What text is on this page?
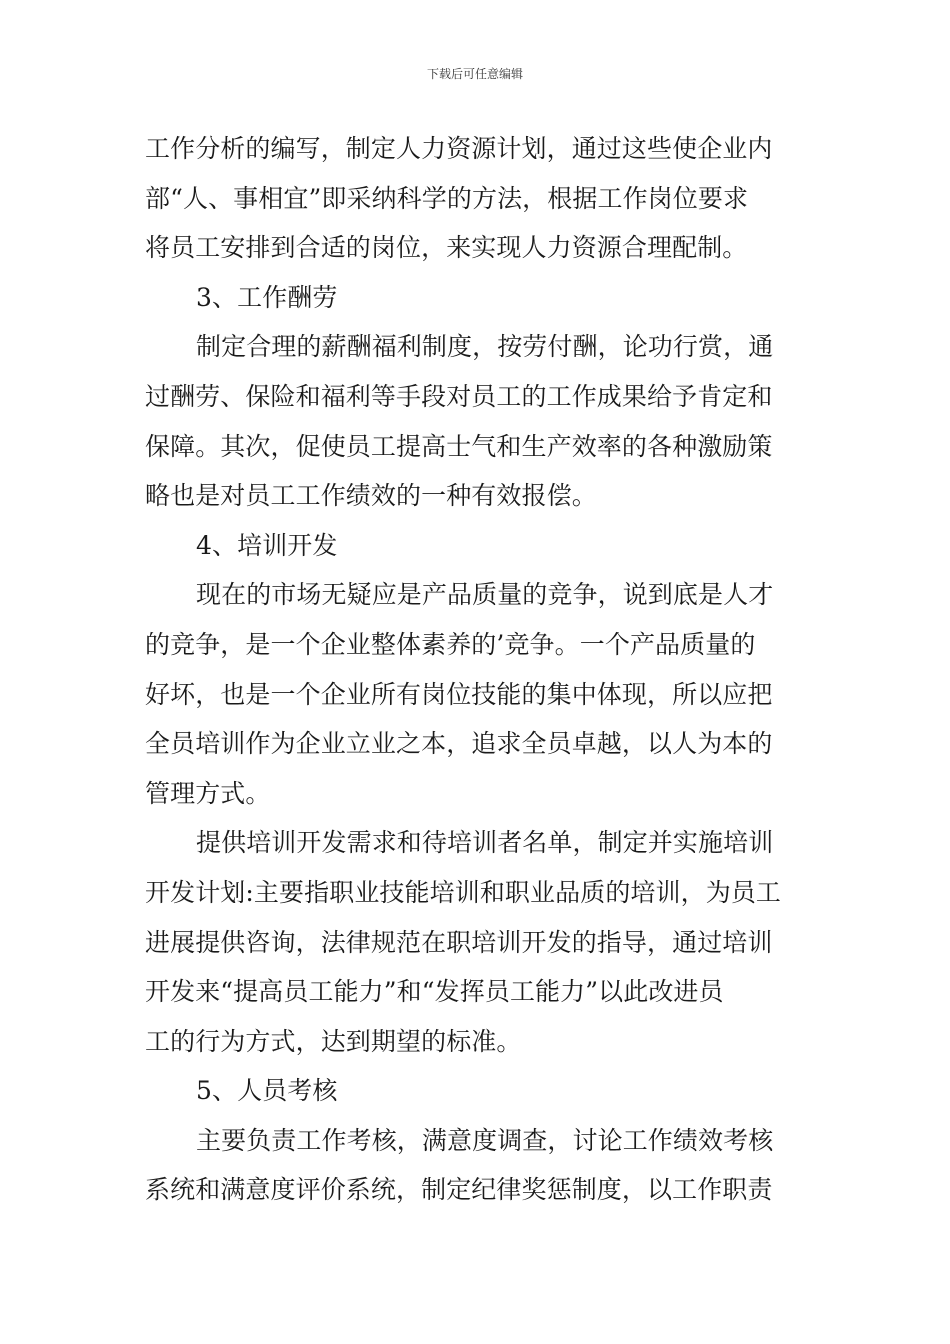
下载后可任意编辑
工作分析的编写，制定人力资源计划，通过这些使企业内
部“人、事相宜”即采纳科学的方法，根据工作岗位要求
将员工安排到合适的岗位，来实现人力资源合理配制。
3、工作酬劳
制定合理的薪酬福利制度，按劳付酬，论功行赏，通
过酬劳、保险和福利等手段对员工的工作成果给予肯定和
保障。其次，促使员工提高士气和生产效率的各种激励策
略也是对员工工作绩效的一种有效报偿。
4、培训开发
现在的市场无疑应是产品质量的竞争，说到底是人才
的竞争，是一个企业整体素养的’竞争。一个产品质量的
好坏，也是一个企业所有岗位技能的集中体现，所以应把
全员培训作为企业立业之本，追求全员卓越，以人为本的
管理方式。
提供培训开发需求和待培训者名单，制定并实施培训
开发计划:主要指职业技能培训和职业品质的培训，为员工
进展提供咨询，法律规范在职培训开发的指导，通过培训
开发来“提高员工能力”和“发挥员工能力”以此改进员
工的行为方式，达到期望的标准。
5、人员考核
主要负责工作考核，满意度调查，讨论工作绩效考核
系统和满意度评价系统，制定纪律奖惩制度，以工作职责
